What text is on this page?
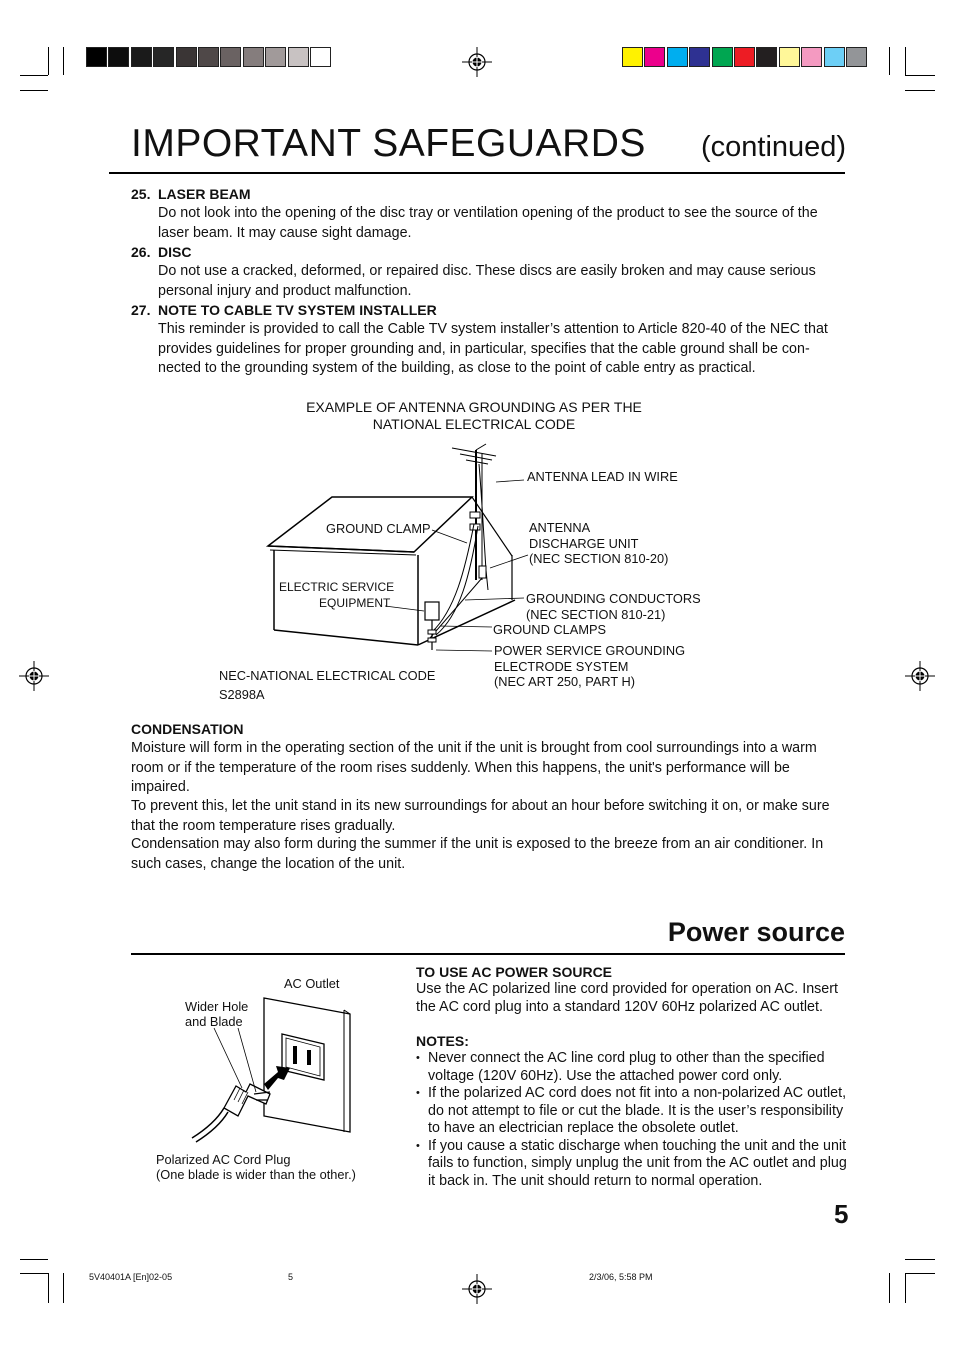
IMPORTANT SAFEGUARDS (continued)
25. LASER BEAM
Do not look into the opening of the disc tray or ventilation opening of the product to see the source of the laser beam. It may cause sight damage.
26. DISC
Do not use a cracked, deformed, or repaired disc. These discs are easily broken and may cause serious personal injury and product malfunction.
27. NOTE TO CABLE TV SYSTEM INSTALLER
This reminder is provided to call the Cable TV system installer’s attention to Article 820-40 of the NEC that provides guidelines for proper grounding and, in particular, specifies that the cable ground shall be con-nected to the grounding system of the building, as close to the point of cable entry as practical.
EXAMPLE OF ANTENNA GROUNDING AS PER THE
NATIONAL ELECTRICAL CODE
ANTENNA LEAD IN WIRE
GROUND CLAMP	ANTENNA
DISCHARGE UNIT
(NEC SECTION 810-20)
ELECTRIC SERVICE
EQUIPMENT	GROUNDING CONDUCTORS
(NEC SECTION 810-21)
GROUND CLAMPS
POWER SERVICE GROUNDING
ELECTRODE SYSTEM
(NEC ART 250, PART H)
NEC-NATIONAL ELECTRICAL CODE
S2898A
CONDENSATION
Moisture will form in the operating section of the unit if the unit is brought from cool surroundings into a warm room or if the temperature of the room rises suddenly. When this happens, the unit's performance will be impaired.
To prevent this, let the unit stand in its new surroundings for about an hour before switching it on, or make sure that the room temperature rises gradually.
Condensation may also form during the summer if the unit is exposed to the breeze from an air conditioner. In such cases, change the location of the unit.
Power source
TO USE AC POWER SOURCE
Use the AC polarized line cord provided for operation on AC. Insert the AC cord plug into a standard 120V 60Hz polarized AC outlet.
NOTES:
• Never connect the AC line cord plug to other than the specified voltage (120V 60Hz). Use the attached power cord only.
• If the polarized AC cord does not fit into a non-polarized AC outlet, do not attempt to file or cut the blade. It is the user’s responsibility to have an electrician replace the obsolete outlet.
• If you cause a static discharge when touching the unit and the unit fails to function, simply unplug the unit from the AC outlet and plug it back in. The unit should return to normal operation.
AC Outlet
Wider Hole
and Blade
Polarized AC Cord Plug
(One blade is wider than the other.)
5
5V40401A [En]02-05	5	2/3/06, 5:58 PM
